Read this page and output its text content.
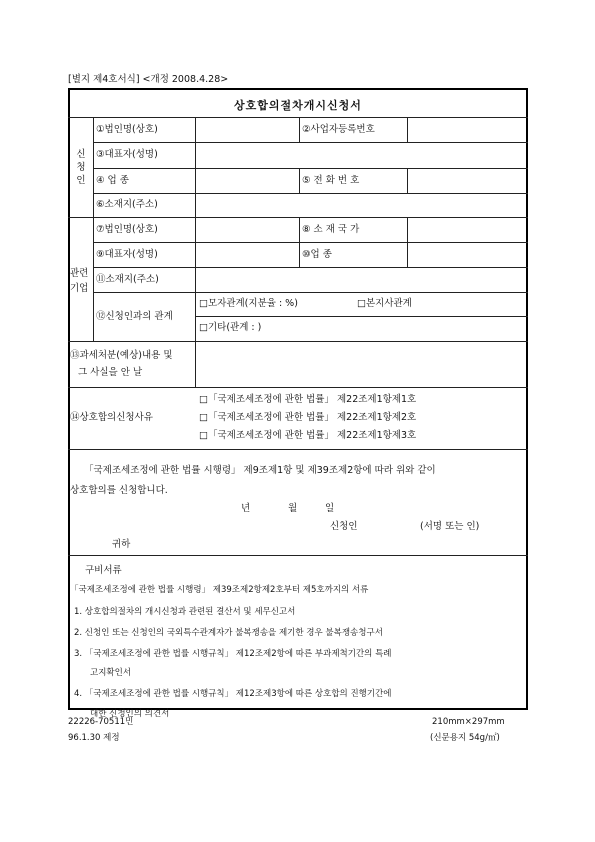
[별지 제4호서식] <개정 2008.4.28>
상호합의절차개시신청서
신청인
①법인명(상호)	②사업자등록번호
③대표자(성명)
④ 업 종	⑤ 전 화 번 호
⑥소재지(주소)
관련
기업
⑦법인명(상호)	⑧ 소 재 국 가
⑨대표자(성명)	⑩업 종
⑪소재지(주소)
⑫신청인과의 관계
□모자관계(지분율 : %)	□본지사관계
□기타(관계 : )
⑬과세처분(예상)내용 및
그 사실을 안 날
⑭상호합의신청사유
□「국제조세조정에 관한 법률」 제22조제1항제1호
□「국제조세조정에 관한 법률」 제22조제1항제2호
□「국제조세조정에 관한 법률」 제22조제1항제3호
「국제조세조정에 관한 법률 시행령」 제9조제1항 및 제39조제2항에 따라 위와 같이
상호합의를 신청합니다.
년	월	일
신청인	(서명 또는 인)
귀하
구비서류
「국제조세조정에 관한 법률 시행령」 제39조제2항제2호부터 제5호까지의 서류
1. 상호합의절차의 개시신청과 관련된 결산서 및 세무신고서
2. 신청인 또는 신청인의 국외특수관계자가 불복쟁송을 제기한 경우 불복쟁송청구서
3. 「국제조세조정에 관한 법률 시행규칙」 제12조제2항에 따른 부과제척기간의 특례
고지확인서
4. 「국제조세조정에 관한 법률 시행규칙」 제12조제3항에 따른 상호합의 진행기간에
대한 신청인의 의견서
22226-70511민
96.1.30 제정
210mm×297mm
(신문용지 54g/㎡)
